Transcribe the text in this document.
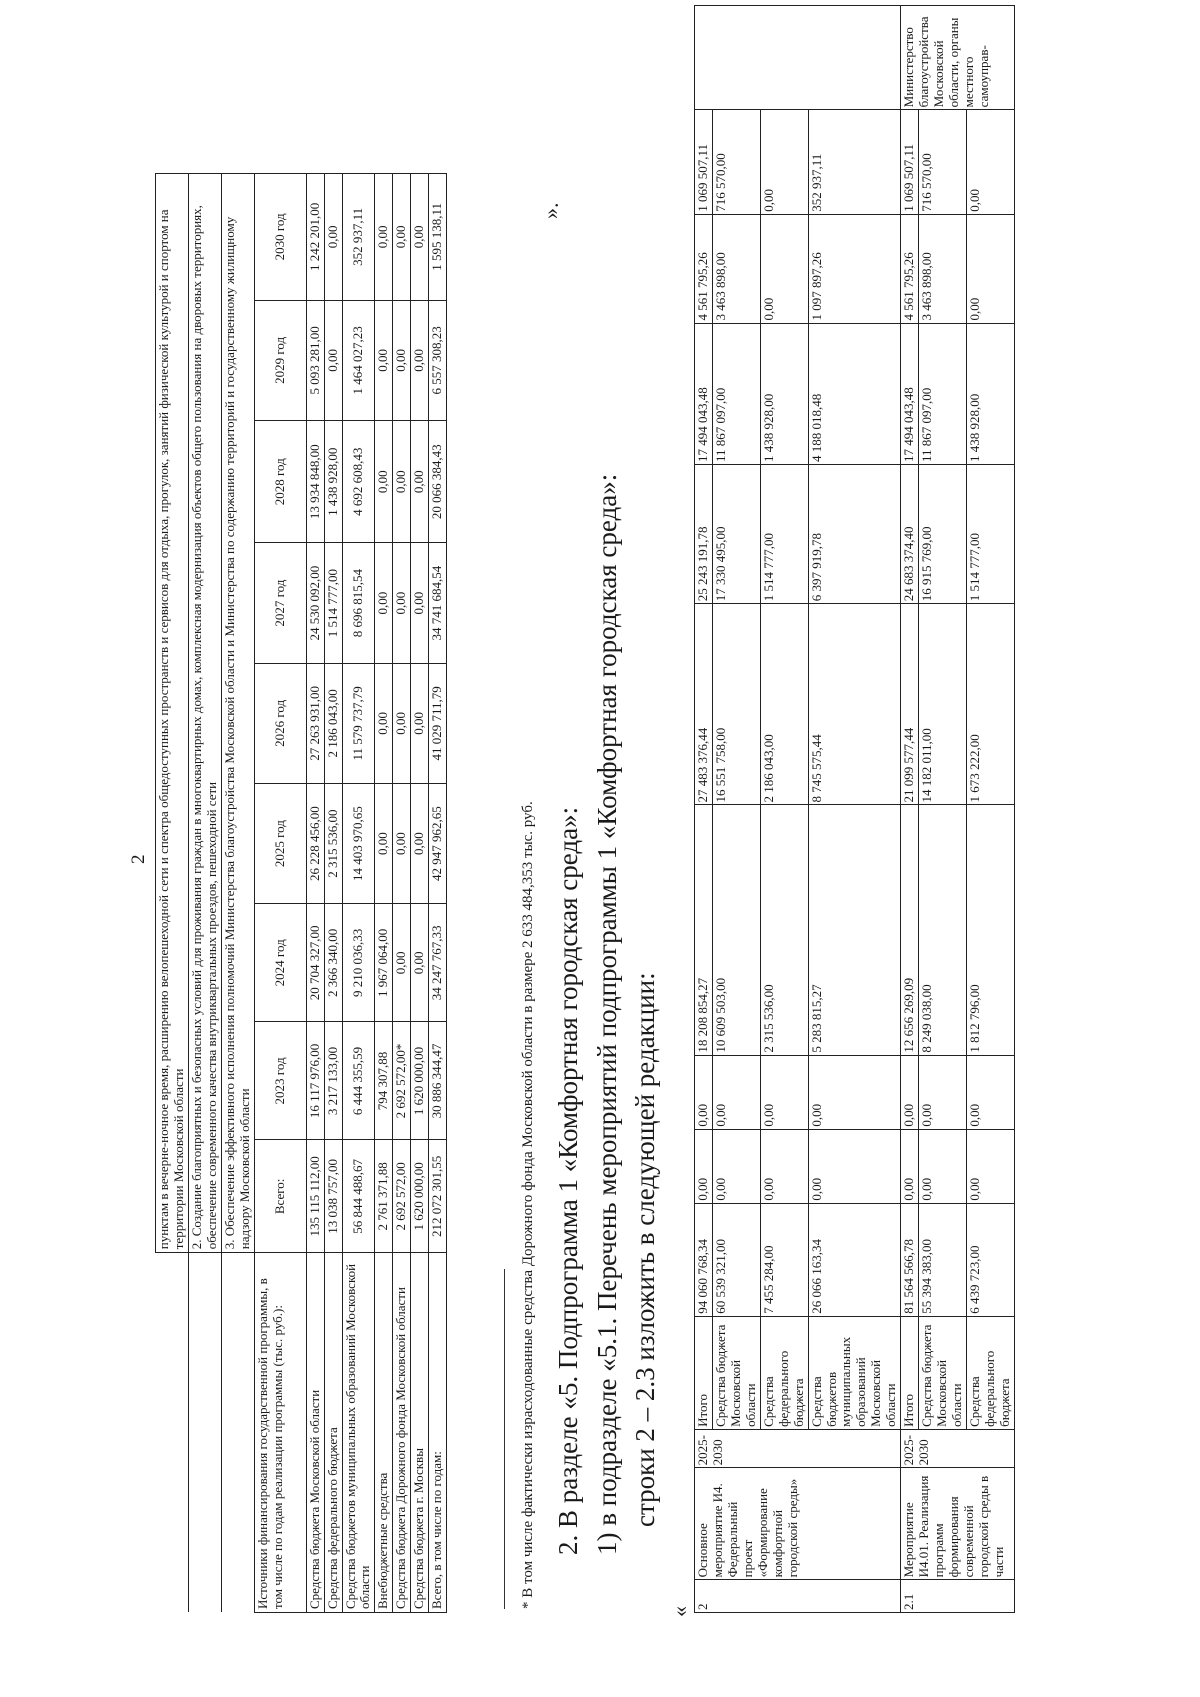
2
	пунктам в вечерне-ночное время, расширению велопешеходной сети и спектра общедоступных пространств и сервисов для отдыха, прогулок, занятий физической культурой и спортом на территории Московской области								
	2. Создание благоприятных и безопасных условий для проживания граждан в многоквартирных домах, комплексная модернизация объектов общего пользования на дворовых территориях, обеспечение современного качества внутриквартальных проездов, пешеходной сети								
	3. Обеспечение эффективного исполнения полномочий Министерства благоустройства Московской области и Министерства по содержанию территорий и государственному жилищному надзору Московской области								
Источники финансирования государственной программы, в том числе по годам реализации программы (тыс. руб.):	Всего:	2023 год	2024 год	2025 год	2026 год	2027 год	2028 год	2029 год	2030 год
Средства бюджета Московской области	135 115 112,00	16 117 976,00	20 704 327,00	26 228 456,00	27 263 931,00	24 530 092,00	13 934 848,00	5 093 281,00	1 242 201,00
Средства федерального бюджета	13 038 757,00	3 217 133,00	2 366 340,00	2 315 536,00	2 186 043,00	1 514 777,00	1 438 928,00	0,00	0,00
Средства бюджетов муниципальных образований Московской области	56 844 488,67	6 444 355,59	9 210 036,33	14 403 970,65	11 579 737,79	8 696 815,54	4 692 608,43	1 464 027,23	352 937,11
Внебюджетные средства	2 761 371,88	794 307,88	1 967 064,00	0,00	0,00	0,00	0,00	0,00	0,00
Средства бюджета Дорожного фонда Московской области	2 692 572,00	2 692 572,00*	0,00	0,00	0,00	0,00	0,00	0,00	0,00
Средства бюджета г. Москвы	1 620 000,00	1 620 000,00	0,00	0,00	0,00	0,00	0,00	0,00	0,00
Всего, в том числе по годам:	212 072 301,55	30 886 344,47	34 247 767,33	42 947 962,65	41 029 711,79	34 741 684,54	20 066 384,43	6 557 308,23	1 595 138,11	».
* В том числе фактически израсходованные средства Дорожного фонда Московской области в размере 2 633 484,353 тыс. руб. 2. В разделе «5. Подпрограмма 1 «Комфортная городская среда»: 1) в подразделе «5.1. Перечень мероприятий подпрограммы 1 «Комфортная городская среда»: строки 2 – 2.3 изложить в следующей редакции:
« 2	Основное мероприятие И4. Федеральный проект «Формирование комфортной городской среды»	2025-2030	Итого	94 060 768,34	0,00	0,00	18 208 854,27	27 483 376,44	25 243 191,78	17 494 043,48	4 561 795,26	1 069 507,11	
			Средства бюджета Московской области	60 539 321,00	0,00	0,00	10 609 503,00	16 551 758,00	17 330 495,00	11 867 097,00	3 463 898,00	716 570,00	
			Средства федерального бюджета	7 455 284,00	0,00	0,00	2 315 536,00	2 186 043,00	1 514 777,00	1 438 928,00	0,00	0,00	
			Средства бюджетов муниципальных образований Московской области	26 066 163,34	0,00	0,00	5 283 815,27	8 745 575,44	6 397 919,78	4 188 018,48	1 097 897,26	352 937,11	
2.1	Мероприятие И4.01. Реализация программ формирования современной городской среды в части	2025-2030	Итого	81 564 566,78	0,00	0,00	12 656 269,09	21 099 577,44	24 683 374,40	17 494 043,48	4 561 795,26	1 069 507,11	Министерство благоустройства Московской области, органы местного самоуправ-
			Средства бюджета Московской области	55 394 383,00	0,00	0,00	8 249 038,00	14 182 011,00	16 915 769,00	11 867 097,00	3 463 898,00	716 570,00	
			Средства федерального бюджета	6 439 723,00	0,00	0,00	1 812 796,00	1 673 222,00	1 514 777,00	1 438 928,00	0,00	0,00	
